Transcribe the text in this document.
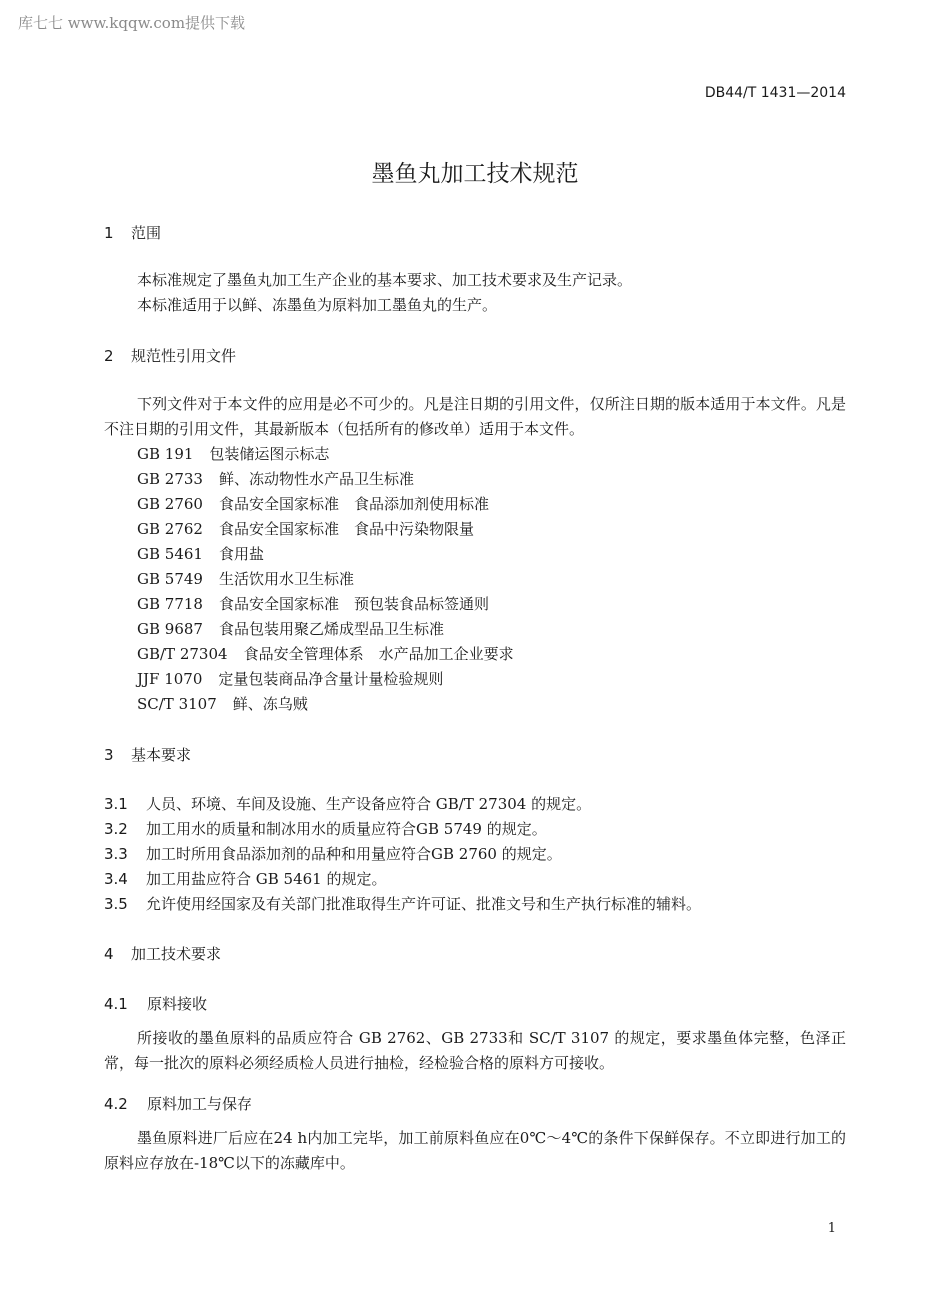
库七七 www.kqqw.com提供下载
DB44/T 1431—2014
墨鱼丸加工技术规范
1 范围
本标准规定了墨鱼丸加工生产企业的基本要求、加工技术要求及生产记录。
本标准适用于以鲜、冻墨鱼为原料加工墨鱼丸的生产。
2 规范性引用文件
下列文件对于本文件的应用是必不可少的。凡是注日期的引用文件，仅所注日期的版本适用于本文件。凡是不注日期的引用文件，其最新版本（包括所有的修改单）适用于本文件。
GB 191 包装储运图示标志
GB 2733 鲜、冻动物性水产品卫生标准
GB 2760 食品安全国家标准　食品添加剂使用标准
GB 2762 食品安全国家标准　食品中污染物限量
GB 5461 食用盐
GB 5749 生活饮用水卫生标准
GB 7718 食品安全国家标准　预包装食品标签通则
GB 9687 食品包装用聚乙烯成型品卫生标准
GB/T 27304 食品安全管理体系　水产品加工企业要求
JJF 1070 定量包装商品净含量计量检验规则
SC/T 3107 鲜、冻乌贼
3 基本要求
3.1 人员、环境、车间及设施、生产设备应符合 GB/T 27304 的规定。
3.2 加工用水的质量和制冰用水的质量应符合GB 5749 的规定。
3.3 加工时所用食品添加剂的品种和用量应符合GB 2760 的规定。
3.4 加工用盐应符合 GB 5461 的规定。
3.5 允许使用经国家及有关部门批准取得生产许可证、批准文号和生产执行标准的辅料。
4 加工技术要求
4.1 原料接收
所接收的墨鱼原料的品质应符合 GB 2762、GB 2733和 SC/T 3107 的规定，要求墨鱼体完整，色泽正常，每一批次的原料必须经质检人员进行抽检，经检验合格的原料方可接收。
4.2 原料加工与保存
墨鱼原料进厂后应在24 h内加工完毕，加工前原料鱼应在0℃～4℃的条件下保鲜保存。不立即进行加工的原料应存放在-18℃以下的冻藏库中。
1
